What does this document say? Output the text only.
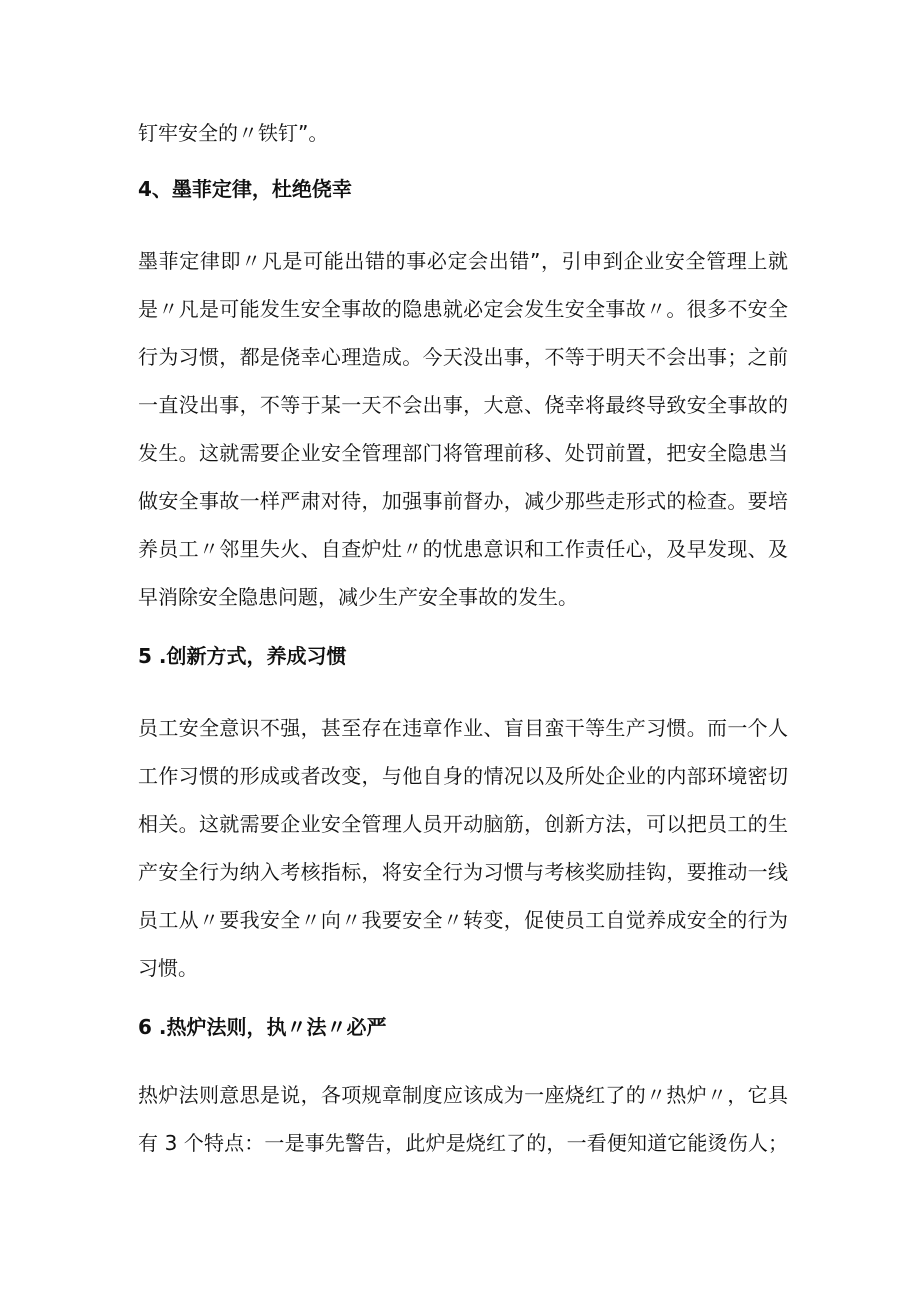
钉牢安全的〃铁钉”。
4、墨菲定律，杜绝侥幸
墨菲定律即〃凡是可能出错的事必定会出错”，引申到企业安全管理上就
是〃凡是可能发生安全事故的隐患就必定会发生安全事故〃。很多不安全
行为习惯，都是侥幸心理造成。今天没出事，不等于明天不会出事；之前
一直没出事，不等于某一天不会出事，大意、侥幸将最终导致安全事故的
发生。这就需要企业安全管理部门将管理前移、处罚前置，把安全隐患当
做安全事故一样严肃对待，加强事前督办，减少那些走形式的检查。要培
养员工〃邻里失火、自查炉灶〃的忧患意识和工作责任心，及早发现、及
早消除安全隐患问题，减少生产安全事故的发生。
5 .创新方式，养成习惯
员工安全意识不强，甚至存在违章作业、盲目蛮干等生产习惯。而一个人
工作习惯的形成或者改变，与他自身的情况以及所处企业的内部环境密切
相关。这就需要企业安全管理人员开动脑筋，创新方法，可以把员工的生
产安全行为纳入考核指标，将安全行为习惯与考核奖励挂钩，要推动一线
员工从〃要我安全〃向〃我要安全〃转变，促使员工自觉养成安全的行为
习惯。
6 .热炉法则，执〃法〃必严
热炉法则意思是说，各项规章制度应该成为一座烧红了的〃热炉〃，它具
有 3 个特点：一是事先警告，此炉是烧红了的，一看便知道它能烫伤人；
